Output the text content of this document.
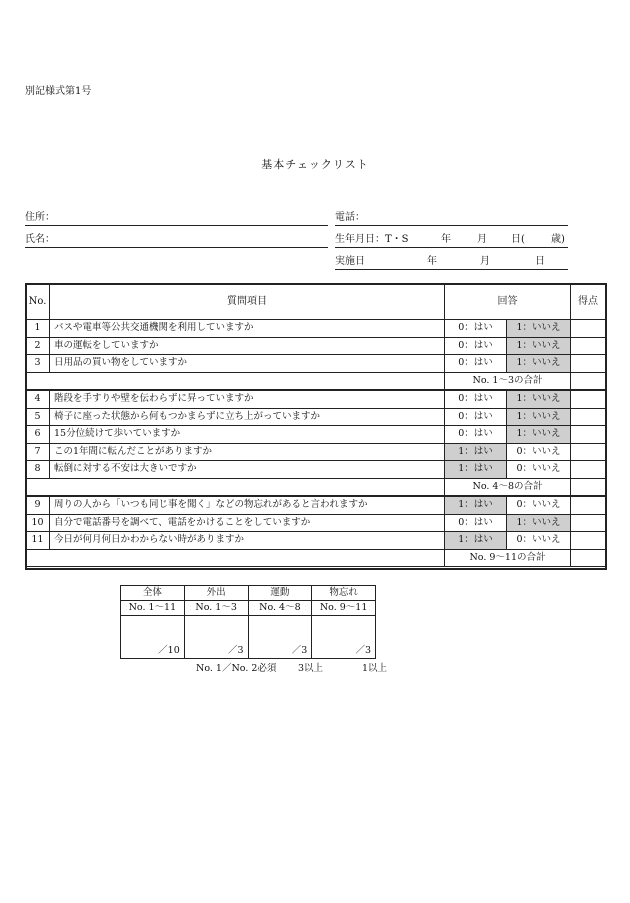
別記様式第1号
基本チェックリスト
住所：	電話：
氏名：	生年月日：T・S	年	月 日(	歳)
実施日	年	月	日
No.	質問項目	回答		得点
1	バスや電車等公共交通機関を利用していますか	0：はい	1：いいえ	
2	車の運転をしていますか	0：はい	1：いいえ	
3	日用品の買い物をしていますか	0：はい	1：いいえ	
		No. 1〜3の合計		
4	階段を手すりや壁を伝わらずに昇っていますか	0：はい	1：いいえ	
5	椅子に座った状態から何もつかまらずに立ち上がっていますか	0：はい	1：いいえ	
6	15分位続けて歩いていますか	0：はい	1：いいえ	
7	この1年間に転んだことがありますか	1：はい	0：いいえ	
8	転倒に対する不安は大きいですか	1：はい	0：いいえ	
		No. 4〜8の合計		
9	周りの人から「いつも同じ事を聞く」などの物忘れがあると言われますか	1：はい	0：いいえ	
10	自分で電話番号を調べて、電話をかけることをしていますか	0：はい	1：いいえ	
11	今日が何月何日かわからない時がありますか	1：はい	0：いいえ	
		No. 9〜11の合計		
全体	外出	運動	物忘れ
No. 1〜11	No. 1〜3	No. 4〜8	No. 9〜11
／10	／3	／3	／3
No. 1／No. 2必須 3以上	1以上
